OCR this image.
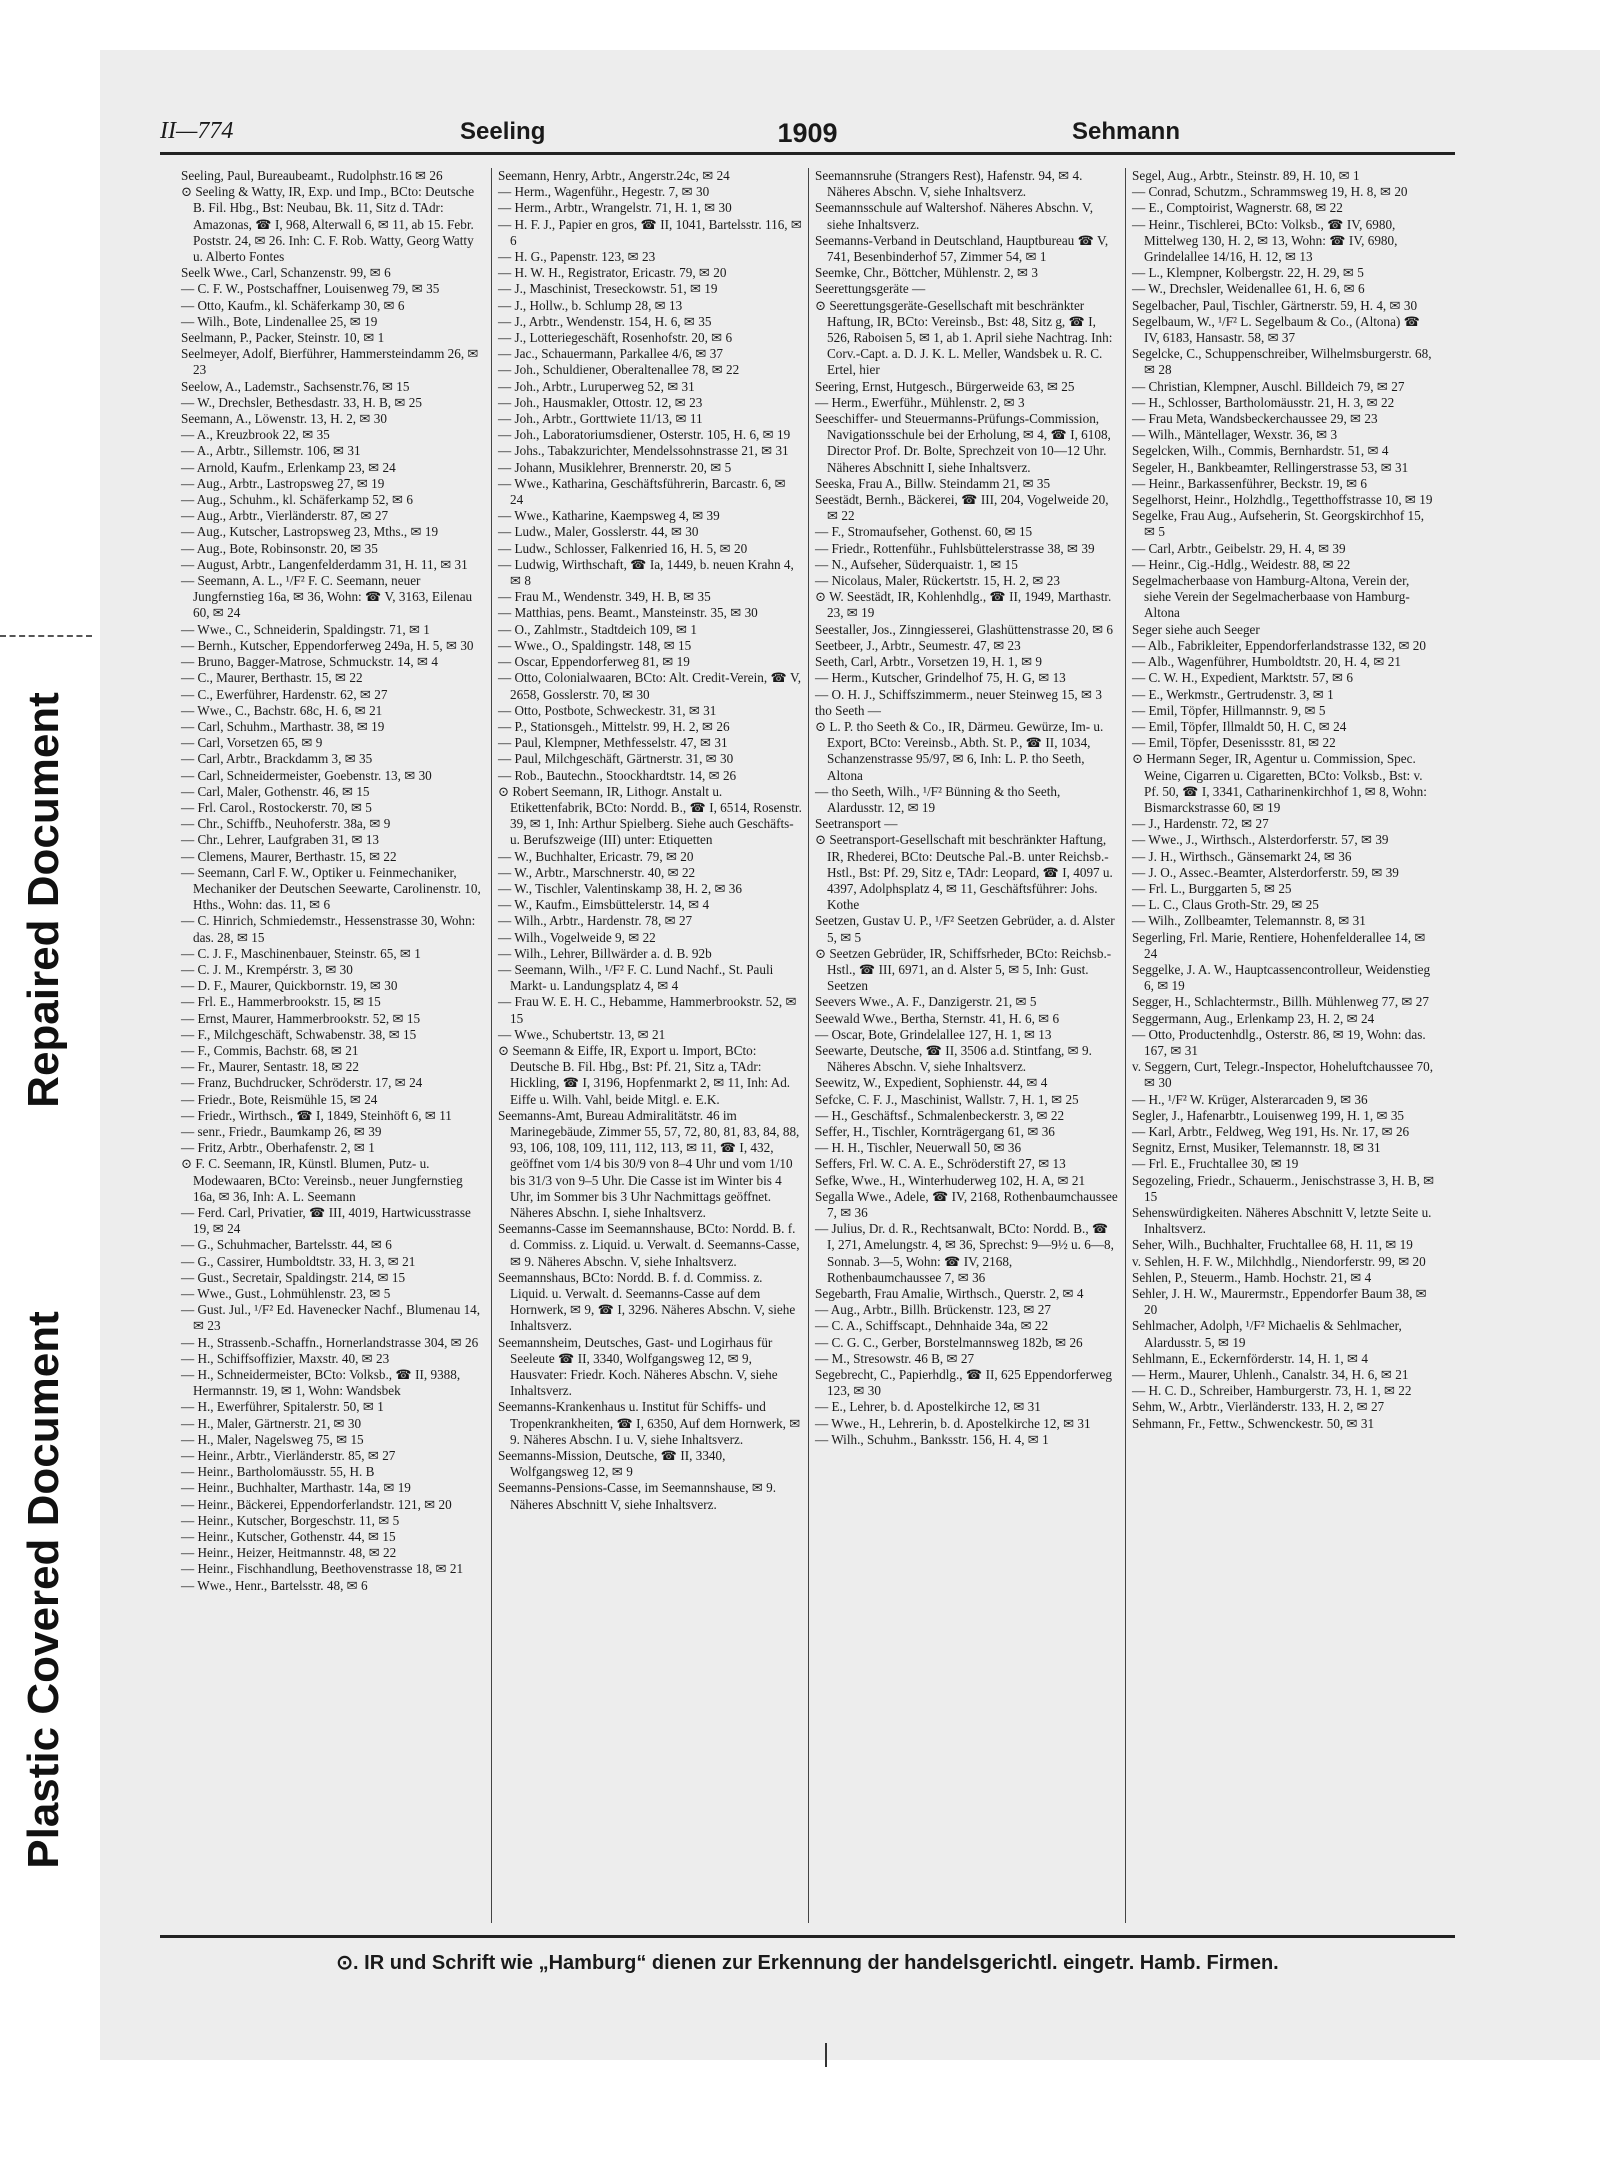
Repaired Document
Plastic Covered Document
II—774	Seeling	1909	Sehmann

Seeling, Paul, Bureaubeamt., Rudolphstr.16 ✉ 26

⊙ Seeling & Watty, IR, Exp. und Imp., BCto: Deutsche B. Fil. Hbg., Bst: Neubau, Bk. 11, Sitz d. TAdr: Amazonas, ☎ I, 968, Alterwall 6, ✉ 11, ab 15. Febr. Poststr. 24, ✉ 26. Inh: C. F. Rob. Watty, Georg Watty u. Alberto Fontes

Seelk Wwe., Carl, Schanzenstr. 99, ✉ 6

— C. F. W., Postschaffner, Louisenweg 79, ✉ 35

— Otto, Kaufm., kl. Schäferkamp 30, ✉ 6

— Wilh., Bote, Lindenallee 25, ✉ 19

Seelmann, P., Packer, Steinstr. 10, ✉ 1

Seelmeyer, Adolf, Bierführer, Hammersteindamm 26, ✉ 23

Seelow, A., Lademstr., Sachsenstr.76, ✉ 15

— W., Drechsler, Bethesdastr. 33, H. B, ✉ 25

Seemann, A., Löwenstr. 13, H. 2, ✉ 30

— A., Kreuzbrook 22, ✉ 35

— A., Arbtr., Sillemstr. 106, ✉ 31

— Arnold, Kaufm., Erlenkamp 23, ✉ 24

— Aug., Arbtr., Lastropsweg 27, ✉ 19

— Aug., Schuhm., kl. Schäferkamp 52, ✉ 6

— Aug., Arbtr., Vierländerstr. 87, ✉ 27

— Aug., Kutscher, Lastropsweg 23, Mths., ✉ 19

— Aug., Bote, Robinsonstr. 20, ✉ 35

— August, Arbtr., Langenfelderdamm 31, H. 11, ✉ 31

— Seemann, A. L., ¹/F² F. C. Seemann, neuer Jungfernstieg 16a, ✉ 36, Wohn: ☎ V, 3163, Eilenau 60, ✉ 24

— Wwe., C., Schneiderin, Spaldingstr. 71, ✉ 1

— Bernh., Kutscher, Eppendorferweg 249a, H. 5, ✉ 30

— Bruno, Bagger-Matrose, Schmuckstr. 14, ✉ 4

— C., Maurer, Berthastr. 15, ✉ 22

— C., Ewerführer, Hardenstr. 62, ✉ 27

— Wwe., C., Bachstr. 68c, H. 6, ✉ 21

— Carl, Schuhm., Marthastr. 38, ✉ 19

— Carl, Vorsetzen 65, ✉ 9

— Carl, Arbtr., Brackdamm 3, ✉ 35

— Carl, Schneidermeister, Goebenstr. 13, ✉ 30

— Carl, Maler, Gothenstr. 46, ✉ 15

— Frl. Carol., Rostockerstr. 70, ✉ 5

— Chr., Schiffb., Neuhoferstr. 38a, ✉ 9

— Chr., Lehrer, Laufgraben 31, ✉ 13

— Clemens, Maurer, Berthastr. 15, ✉ 22

— Seemann, Carl F. W., Optiker u. Feinmechaniker, Mechaniker der Deutschen Seewarte, Carolinenstr. 10, Hths., Wohn: das. 11, ✉ 6

— C. Hinrich, Schmiedemstr., Hessenstrasse 30, Wohn: das. 28, ✉ 15

— C. J. F., Maschinenbauer, Steinstr. 65, ✉ 1

— C. J. M., Krempérstr. 3, ✉ 30

— D. F., Maurer, Quickbornstr. 19, ✉ 30

— Frl. E., Hammerbrookstr. 15, ✉ 15

— Ernst, Maurer, Hammerbrookstr. 52, ✉ 15

— F., Milchgeschäft, Schwabenstr. 38, ✉ 15

— F., Commis, Bachstr. 68, ✉ 21

— Fr., Maurer, Sentastr. 18, ✉ 22

— Franz, Buchdrucker, Schröderstr. 17, ✉ 24

— Friedr., Bote, Reismühle 15, ✉ 24

— Friedr., Wirthsch., ☎ I, 1849, Steinhöft 6, ✉ 11

— senr., Friedr., Baumkamp 26, ✉ 39

— Fritz, Arbtr., Oberhafenstr. 2, ✉ 1

⊙ F. C. Seemann, IR, Künstl. Blumen, Putz- u. Modewaaren, BCto: Vereinsb., neuer Jungfernstieg 16a, ✉ 36, Inh: A. L. Seemann

— Ferd. Carl, Privatier, ☎ III, 4019, Hartwicusstrasse 19, ✉ 24

— G., Schuhmacher, Bartelsstr. 44, ✉ 6

— G., Cassirer, Humboldtstr. 33, H. 3, ✉ 21

— Gust., Secretair, Spaldingstr. 214, ✉ 15

— Wwe., Gust., Lohmühlenstr. 23, ✉ 5

— Gust. Jul., ¹/F² Ed. Havenecker Nachf., Blumenau 14, ✉ 23

— H., Strassenb.-Schaffn., Hornerlandstrasse 304, ✉ 26

— H., Schiffsoffizier, Maxstr. 40, ✉ 23

— H., Schneidermeister, BCto: Volksb., ☎ II, 9388, Hermannstr. 19, ✉ 1, Wohn: Wandsbek

— H., Ewerführer, Spitalerstr. 50, ✉ 1

— H., Maler, Gärtnerstr. 21, ✉ 30

— H., Maler, Nagelsweg 75, ✉ 15

— Heinr., Arbtr., Vierländerstr. 85, ✉ 27

— Heinr., Bartholomäusstr. 55, H. B

— Heinr., Buchhalter, Marthastr. 14a, ✉ 19

— Heinr., Bäckerei, Eppendorferlandstr. 121, ✉ 20

— Heinr., Kutscher, Borgeschstr. 11, ✉ 5

— Heinr., Kutscher, Gothenstr. 44, ✉ 15

— Heinr., Heizer, Heitmannstr. 48, ✉ 22

— Heinr., Fischhandlung, Beethovenstrasse 18, ✉ 21

— Wwe., Henr., Bartelsstr. 48, ✉ 6

Seemann, Henry, Arbtr., Angerstr.24c, ✉ 24

— Herm., Wagenführ., Hegestr. 7, ✉ 30

— Herm., Arbtr., Wrangelstr. 71, H. 1, ✉ 30

— H. F. J., Papier en gros, ☎ II, 1041, Bartelsstr. 116, ✉ 6

— H. G., Papenstr. 123, ✉ 23

— H. W. H., Registrator, Ericastr. 79, ✉ 20

— J., Maschinist, Treseckowstr. 51, ✉ 19

— J., Hollw., b. Schlump 28, ✉ 13

— J., Arbtr., Wendenstr. 154, H. 6, ✉ 35

— J., Lotteriegeschäft, Rosenhofstr. 20, ✉ 6

— Jac., Schauermann, Parkallee 4/6, ✉ 37

— Joh., Schuldiener, Oberaltenallee 78, ✉ 22

— Joh., Arbtr., Luruperweg 52, ✉ 31

— Joh., Hausmakler, Ottostr. 12, ✉ 23

— Joh., Arbtr., Gorttwiete 11/13, ✉ 11

— Joh., Laboratoriumsdiener, Osterstr. 105, H. 6, ✉ 19

— Johs., Tabakzurichter, Mendelssohnstrasse 21, ✉ 31

— Johann, Musiklehrer, Brennerstr. 20, ✉ 5

— Wwe., Katharina, Geschäftsführerin, Barcastr. 6, ✉ 24

— Wwe., Katharine, Kaempsweg 4, ✉ 39

— Ludw., Maler, Gosslerstr. 44, ✉ 30

— Ludw., Schlosser, Falkenried 16, H. 5, ✉ 20

— Ludwig, Wirthschaft, ☎ Ia, 1449, b. neuen Krahn 4, ✉ 8

— Frau M., Wendenstr. 349, H. B, ✉ 35

— Matthias, pens. Beamt., Mansteinstr. 35, ✉ 30

— O., Zahlmstr., Stadtdeich 109, ✉ 1

— Wwe., O., Spaldingstr. 148, ✉ 15

— Oscar, Eppendorferweg 81, ✉ 19

— Otto, Colonialwaaren, BCto: Alt. Credit-Verein, ☎ V, 2658, Gosslerstr. 70, ✉ 30

— Otto, Postbote, Schweckestr. 31, ✉ 31

— P., Stationsgeh., Mittelstr. 99, H. 2, ✉ 26

— Paul, Klempner, Methfesselstr. 47, ✉ 31

— Paul, Milchgeschäft, Gärtnerstr. 31, ✉ 30

— Rob., Bautechn., Stoockhardtstr. 14, ✉ 26

⊙ Robert Seemann, IR, Lithogr. Anstalt u. Etikettenfabrik, BCto: Nordd. B., ☎ I, 6514, Rosenstr. 39, ✉ 1, Inh: Arthur Spielberg. Siehe auch Geschäfts- u. Berufszweige (III) unter: Etiquetten

— W., Buchhalter, Ericastr. 79, ✉ 20

— W., Arbtr., Marschnerstr. 40, ✉ 22

— W., Tischler, Valentinskamp 38, H. 2, ✉ 36

— W., Kaufm., Eimsbüttelerstr. 14, ✉ 4

— Wilh., Arbtr., Hardenstr. 78, ✉ 27

— Wilh., Vogelweide 9, ✉ 22

— Wilh., Lehrer, Billwärder a. d. B. 92b

— Seemann, Wilh., ¹/F² F. C. Lund Nachf., St. Pauli Markt- u. Landungsplatz 4, ✉ 4

— Frau W. E. H. C., Hebamme, Hammerbrookstr. 52, ✉ 15

— Wwe., Schubertstr. 13, ✉ 21

⊙ Seemann & Eiffe, IR, Export u. Import, BCto: Deutsche B. Fil. Hbg., Bst: Pf. 21, Sitz a, TAdr: Hickling, ☎ I, 3196, Hopfenmarkt 2, ✉ 11, Inh: Ad. Eiffe u. Wilh. Vahl, beide Mitgl. e. E.K.

Seemanns-Amt, Bureau Admiralitätstr. 46 im Marinegebäude, Zimmer 55, 57, 72, 80, 81, 83, 84, 88, 93, 106, 108, 109, 111, 112, 113, ✉ 11, ☎ I, 432, geöffnet vom 1/4 bis 30/9 von 8–4 Uhr und vom 1/10 bis 31/3 von 9–5 Uhr. Die Casse ist im Winter bis 4 Uhr, im Sommer bis 3 Uhr Nachmittags geöffnet. Näheres Abschn. I, siehe Inhaltsverz.

Seemanns-Casse im Seemannshause, BCto: Nordd. B. f. d. Commiss. z. Liquid. u. Verwalt. d. Seemanns-Casse, ✉ 9. Näheres Abschn. V, siehe Inhaltsverz.

Seemannshaus, BCto: Nordd. B. f. d. Commiss. z. Liquid. u. Verwalt. d. Seemanns-Casse auf dem Hornwerk, ✉ 9, ☎ I, 3296. Näheres Abschn. V, siehe Inhaltsverz.

Seemannsheim, Deutsches, Gast- und Logirhaus für Seeleute ☎ II, 3340, Wolfgangsweg 12, ✉ 9, Hausvater: Friedr. Koch. Näheres Abschn. V, siehe Inhaltsverz.

Seemanns-Krankenhaus u. Institut für Schiffs- und Tropenkrankheiten, ☎ I, 6350, Auf dem Hornwerk, ✉ 9. Näheres Abschn. I u. V, siehe Inhaltsverz.

Seemanns-Mission, Deutsche, ☎ II, 3340, Wolfgangsweg 12, ✉ 9

Seemanns-Pensions-Casse, im Seemannshause, ✉ 9. Näheres Abschnitt V, siehe Inhaltsverz.

Seemannsruhe (Strangers Rest), Hafenstr. 94, ✉ 4. Näheres Abschn. V, siehe Inhaltsverz.

Seemannsschule auf Waltershof. Näheres Abschn. V, siehe Inhaltsverz.

Seemanns-Verband in Deutschland, Hauptbureau ☎ V, 741, Besenbinderhof 57, Zimmer 54, ✉ 1

Seemke, Chr., Böttcher, Mühlenstr. 2, ✉ 3

Seerettungsgeräte —

⊙ Seerettungsgeräte-Gesellschaft mit beschränkter Haftung, IR, BCto: Vereinsb., Bst: 48, Sitz g, ☎ I, 526, Raboisen 5, ✉ 1, ab 1. April siehe Nachtrag. Inh: Corv.-Capt. a. D. J. K. L. Meller, Wandsbek u. R. C. Ertel, hier

Seering, Ernst, Hutgesch., Bürgerweide 63, ✉ 25

— Herm., Ewerführ., Mühlenstr. 2, ✉ 3

Seeschiffer- und Steuermanns-Prüfungs-Commission, Navigationsschule bei der Erholung, ✉ 4, ☎ I, 6108, Director Prof. Dr. Bolte, Sprechzeit von 10—12 Uhr. Näheres Abschnitt I, siehe Inhaltsverz.

Seeska, Frau A., Billw. Steindamm 21, ✉ 35

Seestädt, Bernh., Bäckerei, ☎ III, 204, Vogelweide 20, ✉ 22

— F., Stromaufseher, Gothenst. 60, ✉ 15

— Friedr., Rottenführ., Fuhlsbüttelerstrasse 38, ✉ 39

— N., Aufseher, Süderquaistr. 1, ✉ 15

— Nicolaus, Maler, Rückertstr. 15, H. 2, ✉ 23

⊙ W. Seestädt, IR, Kohlenhdlg., ☎ II, 1949, Marthastr. 23, ✉ 19

Seestaller, Jos., Zinngiesserei, Glashüttenstrasse 20, ✉ 6

Seetbeer, J., Arbtr., Seumestr. 47, ✉ 23

Seeth, Carl, Arbtr., Vorsetzen 19, H. 1, ✉ 9

— Herm., Kutscher, Grindelhof 75, H. G, ✉ 13

— O. H. J., Schiffszimmerm., neuer Steinweg 15, ✉ 3

tho Seeth —

⊙ L. P. tho Seeth & Co., IR, Därmeu. Gewürze, Im- u. Export, BCto: Vereinsb., Abth. St. P., ☎ II, 1034, Schanzenstrasse 95/97, ✉ 6, Inh: L. P. tho Seeth, Altona

— tho Seeth, Wilh., ¹/F² Bünning & tho Seeth, Alardusstr. 12, ✉ 19

Seetransport —

⊙ Seetransport-Gesellschaft mit beschränkter Haftung, IR, Rhederei, BCto: Deutsche Pal.-B. unter Reichsb.-Hstl., Bst: Pf. 29, Sitz e, TAdr: Leopard, ☎ I, 4097 u. 4397, Adolphsplatz 4, ✉ 11, Geschäftsführer: Johs. Kothe

Seetzen, Gustav U. P., ¹/F² Seetzen Gebrüder, a. d. Alster 5, ✉ 5

⊙ Seetzen Gebrüder, IR, Schiffsrheder, BCto: Reichsb.-Hstl., ☎ III, 6971, an d. Alster 5, ✉ 5, Inh: Gust. Seetzen

Seevers Wwe., A. F., Danzigerstr. 21, ✉ 5

Seewald Wwe., Bertha, Sternstr. 41, H. 6, ✉ 6

— Oscar, Bote, Grindelallee 127, H. 1, ✉ 13

Seewarte, Deutsche, ☎ II, 3506 a.d. Stintfang, ✉ 9. Näheres Abschn. V, siehe Inhaltsverz.

Seewitz, W., Expedient, Sophienstr. 44, ✉ 4

Sefcke, C. F. J., Maschinist, Wallstr. 7, H. 1, ✉ 25

— H., Geschäftsf., Schmalenbeckerstr. 3, ✉ 22

Seffer, H., Tischler, Kornträgergang 61, ✉ 36

— H. H., Tischler, Neuerwall 50, ✉ 36

Seffers, Frl. W. C. A. E., Schröderstift 27, ✉ 13

Sefke, Wwe., H., Winterhuderweg 102, H. A, ✉ 21

Segalla Wwe., Adele, ☎ IV, 2168, Rothenbaumchaussee 7, ✉ 36

— Julius, Dr. d. R., Rechtsanwalt, BCto: Nordd. B., ☎ I, 271, Amelungstr. 4, ✉ 36, Sprechst: 9—9½ u. 6—8, Sonnab. 3—5, Wohn: ☎ IV, 2168, Rothenbaumchaussee 7, ✉ 36

Segebarth, Frau Amalie, Wirthsch., Querstr. 2, ✉ 4

— Aug., Arbtr., Billh. Brückenstr. 123, ✉ 27

— C. A., Schiffscapt., Dehnhaide 34a, ✉ 22

— C. G. C., Gerber, Borstelmannsweg 182b, ✉ 26

— M., Stresowstr. 46 B, ✉ 27

Segebrecht, C., Papierhdlg., ☎ II, 625 Eppendorferweg 123, ✉ 30

— E., Lehrer, b. d. Apostelkirche 12, ✉ 31

— Wwe., H., Lehrerin, b. d. Apostelkirche 12, ✉ 31

— Wilh., Schuhm., Banksstr. 156, H. 4, ✉ 1

Segel, Aug., Arbtr., Steinstr. 89, H. 10, ✉ 1

— Conrad, Schutzm., Schrammsweg 19, H. 8, ✉ 20

— E., Comptoirist, Wagnerstr. 68, ✉ 22

— Heinr., Tischlerei, BCto: Volksb., ☎ IV, 6980, Mittelweg 130, H. 2, ✉ 13, Wohn: ☎ IV, 6980, Grindelallee 14/16, H. 12, ✉ 13

— L., Klempner, Kolbergstr. 22, H. 29, ✉ 5

— W., Drechsler, Weidenallee 61, H. 6, ✉ 6

Segelbacher, Paul, Tischler, Gärtnerstr. 59, H. 4, ✉ 30

Segelbaum, W., ¹/F² L. Segelbaum & Co., (Altona) ☎ IV, 6183, Hansastr. 58, ✉ 37

Segelcke, C., Schuppenschreiber, Wilhelmsburgerstr. 68, ✉ 28

— Christian, Klempner, Auschl. Billdeich 79, ✉ 27

— H., Schlosser, Bartholomäusstr. 21, H. 3, ✉ 22

— Frau Meta, Wandsbeckerchaussee 29, ✉ 23

— Wilh., Mäntellager, Wexstr. 36, ✉ 3

Segelcken, Wilh., Commis, Bernhardstr. 51, ✉ 4

Segeler, H., Bankbeamter, Rellingerstrasse 53, ✉ 31

— Heinr., Barkassenführer, Beckstr. 19, ✉ 6

Segelhorst, Heinr., Holzhdlg., Tegetthoffstrasse 10, ✉ 19

Segelke, Frau Aug., Aufseherin, St. Georgskirchhof 15, ✉ 5

— Carl, Arbtr., Geibelstr. 29, H. 4, ✉ 39

— Heinr., Cig.-Hdlg., Weidestr. 88, ✉ 22

Segelmacherbaase von Hamburg-Altona, Verein der, siehe Verein der Segelmacherbaase von Hamburg-Altona

Seger siehe auch Seeger

— Alb., Fabrikleiter, Eppendorferlandstrasse 132, ✉ 20

— Alb., Wagenführer, Humboldtstr. 20, H. 4, ✉ 21

— C. W. H., Expedient, Marktstr. 57, ✉ 6

— E., Werkmstr., Gertrudenstr. 3, ✉ 1

— Emil, Töpfer, Hillmannstr. 9, ✉ 5

— Emil, Töpfer, Illmaldt 50, H. C, ✉ 24

— Emil, Töpfer, Desenissstr. 81, ✉ 22

⊙ Hermann Seger, IR, Agentur u. Commission, Spec. Weine, Cigarren u. Cigaretten, BCto: Volksb., Bst: v. Pf. 50, ☎ I, 3341, Catharinenkirchhof 1, ✉ 8, Wohn: Bismarckstrasse 60, ✉ 19

— J., Hardenstr. 72, ✉ 27

— Wwe., J., Wirthsch., Alsterdorferstr. 57, ✉ 39

— J. H., Wirthsch., Gänsemarkt 24, ✉ 36

— J. O., Assec.-Beamter, Alsterdorferstr. 59, ✉ 39

— Frl. L., Burggarten 5, ✉ 25

— L. C., Claus Groth-Str. 29, ✉ 25

— Wilh., Zollbeamter, Telemannstr. 8, ✉ 31

Segerling, Frl. Marie, Rentiere, Hohenfelderallee 14, ✉ 24

Seggelke, J. A. W., Hauptcassencontrolleur, Weidenstieg 6, ✉ 19

Segger, H., Schlachtermstr., Billh. Mühlenweg 77, ✉ 27

Seggermann, Aug., Erlenkamp 23, H. 2, ✉ 24

— Otto, Productenhdlg., Osterstr. 86, ✉ 19, Wohn: das. 167, ✉ 31

v. Seggern, Curt, Telegr.-Inspector, Hoheluftchaussee 70, ✉ 30

— H., ¹/F² W. Krüger, Alsterarcaden 9, ✉ 36

Segler, J., Hafenarbtr., Louisenweg 199, H. 1, ✉ 35

— Karl, Arbtr., Feldweg, Weg 191, Hs. Nr. 17, ✉ 26

Segnitz, Ernst, Musiker, Telemannstr. 18, ✉ 31

— Frl. E., Fruchtallee 30, ✉ 19

Segozeling, Friedr., Schauerm., Jenischstrasse 3, H. B, ✉ 15

Sehenswürdigkeiten. Näheres Abschnitt V, letzte Seite u. Inhaltsverz.

Seher, Wilh., Buchhalter, Fruchtallee 68, H. 11, ✉ 19

v. Sehlen, H. F. W., Milchhdlg., Niendorferstr. 99, ✉ 20

Sehlen, P., Steuerm., Hamb. Hochstr. 21, ✉ 4

Sehler, J. H. W., Maurermstr., Eppendorfer Baum 38, ✉ 20

Sehlmacher, Adolph, ¹/F² Michaelis & Sehlmacher, Alardusstr. 5, ✉ 19

Sehlmann, E., Eckernförderstr. 14, H. 1, ✉ 4

— Herm., Maurer, Uhlenh., Canalstr. 34, H. 6, ✉ 21

— H. C. D., Schreiber, Hamburgerstr. 73, H. 1, ✉ 22

Sehm, W., Arbtr., Vierländerstr. 133, H. 2, ✉ 27

Sehmann, Fr., Fettw., Schwenckestr. 50, ✉ 31

⊙. IR und Schrift wie „Hamburg“ dienen zur Erkennung der handelsgerichtl. eingetr. Hamb. Firmen.
